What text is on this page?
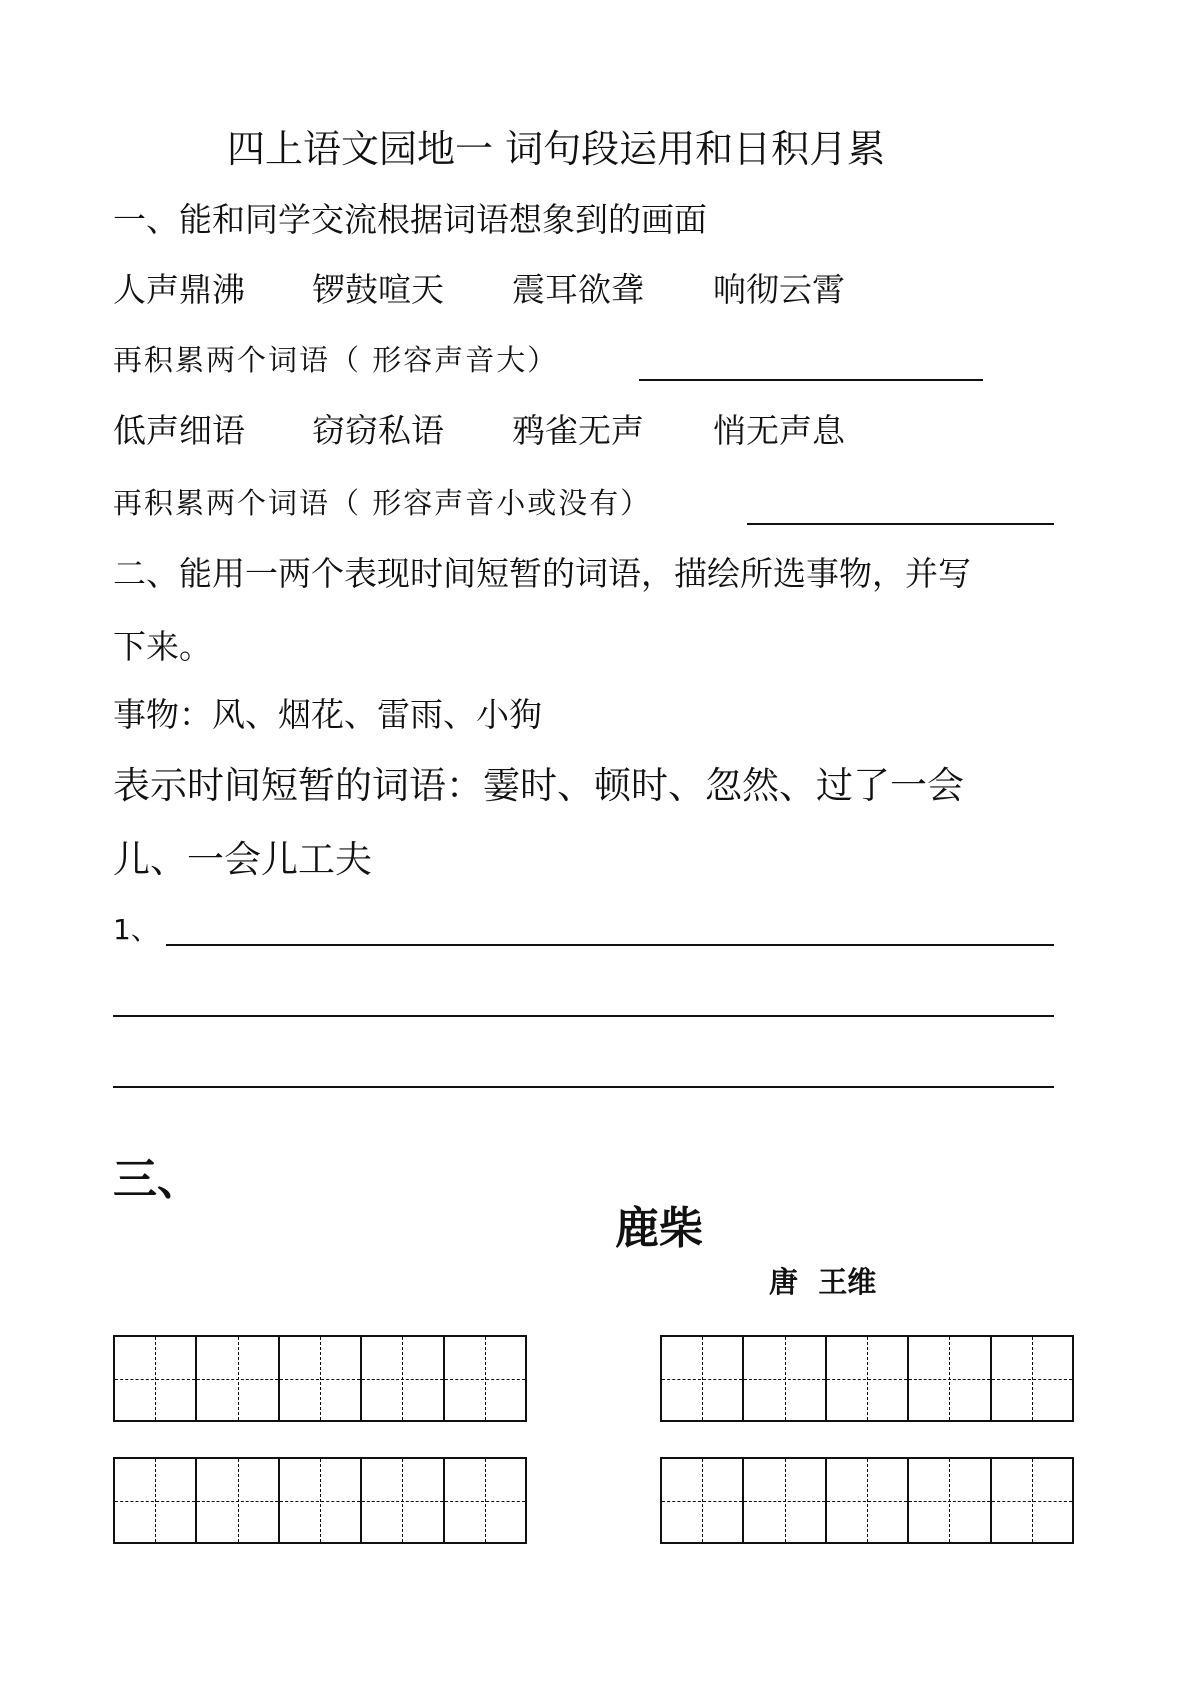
四上语文园地一 词句段运用和日积月累
一、能和同学交流根据词语想象到的画面
人声鼎沸 锣鼓喧天 震耳欲聋 响彻云霄
再积累两个词语（ 形容声音大）
低声细语 窃窃私语 鸦雀无声 悄无声息
再积累两个词语（ 形容声音小或没有）
二、能用一两个表现时间短暂的词语，描绘所选事物，并写
下来。
事物：风、烟花、雷雨、小狗
表示时间短暂的词语：霎时、顿时、忽然、过了一会
儿、一会儿工夫
1、
三、
鹿柴
唐  王维
